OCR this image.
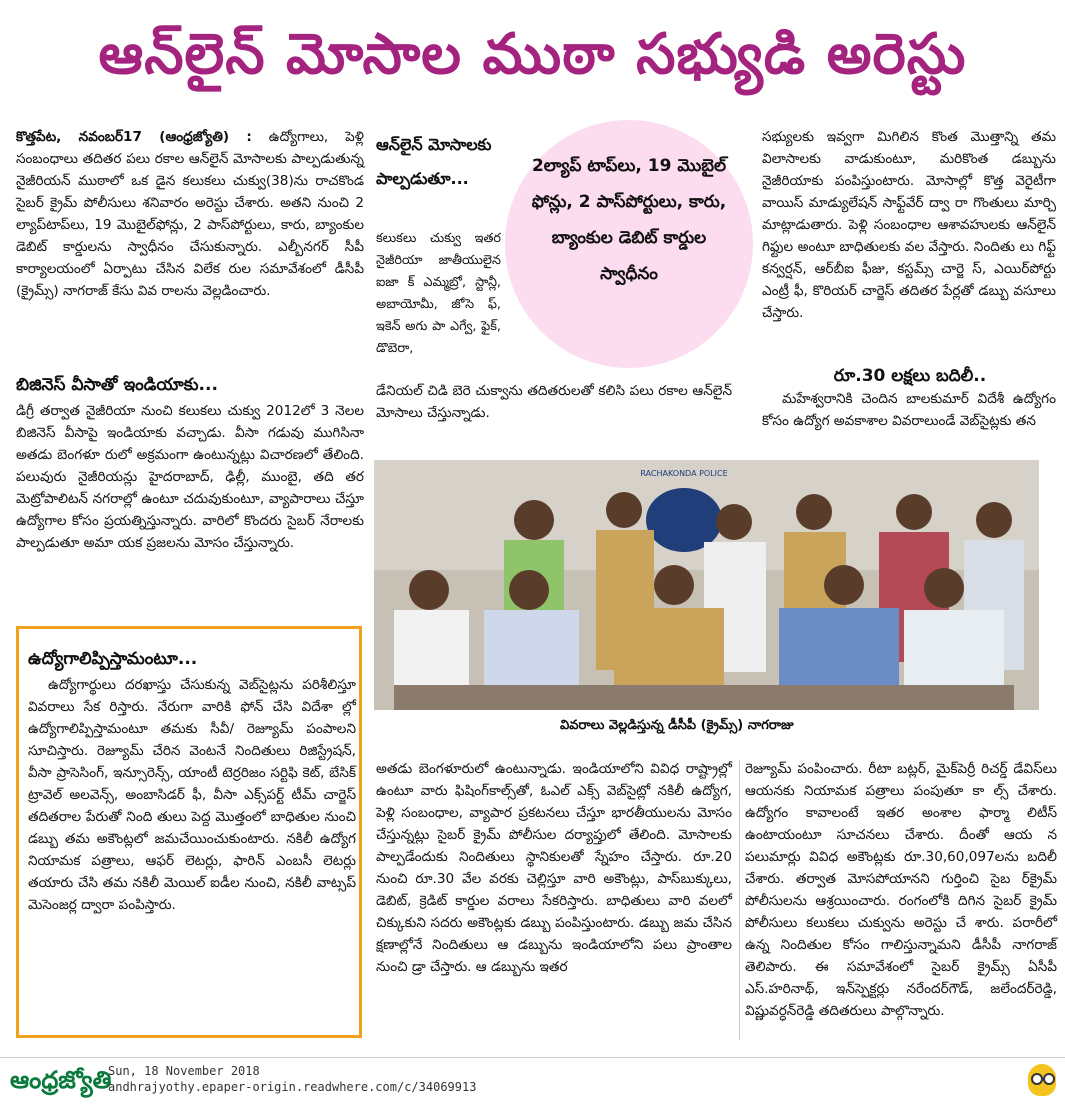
ఆన్‌లైన్ మోసాల ముఠా సభ్యుడి అరెస్టు
కొత్తపేట, నవంబర్17 (ఆంధ్రజ్యోతి) : ఉద్యోగాలు, పెళ్లి సంబంధాలు తదితర పలు రకాల ఆన్‌లైన్ మోసాలకు పాల్పడుతున్న నైజీరియన్ ముఠాలో ఒక డైన కలుకలు చుక్వు(38)ను రాచకొండ సైబర్ క్రైమ్ పోలీసులు శనివారం అరెస్టు చేశారు. అతని నుంచి 2 ల్యాప్‌టాప్‌లు, 19 మొబైల్‌ఫోన్లు, 2 పాస్‌పోర్టులు, కారు, బ్యాంకుల డెబిట్ కార్డులను స్వాధీనం చేసుకున్నారు. ఎల్బీనగర్ సీపీ కార్యాలయంలో ఏర్పాటు చేసిన విలేక రుల సమావేశంలో డీసీపీ (క్రైమ్స్) నాగరాజ్ కేసు వివ రాలను వెల్లడించారు.
బిజినెస్ వీసాతో ఇండియాకు...
డిగ్రీ తర్వాత నైజీరియా నుంచి కలుకలు చుక్వు 2012లో 3 నెలల బిజినెస్ వీసాపై ఇండియాకు వచ్చాడు. వీసా గడువు ముగిసినా అతడు బెంగళూ రులో అక్రమంగా ఉంటున్నట్లు విచారణలో తేలింది. పలువురు నైజీరియన్లు హైదరాబాద్, ఢిల్లీ, ముంబై, తది తర మెట్రోపాలిటన్ నగరాల్లో ఉంటూ చదువుకుంటూ, వ్యాపారాలు చేస్తూ ఉద్యోగాల కోసం ప్రయత్నిస్తున్నారు. వారిలో కొందరు సైబర్ నేరాలకు పాల్పడుతూ అమా యక ప్రజలను మోసం చేస్తున్నారు.
ఉద్యోగాలిప్పిస్తామంటూ...
ఉద్యోగార్థులు దరఖాస్తు చేసుకున్న వెబ్‌సైట్లను పరిశీలిస్తూ వివరాలు సేక రిస్తారు. నేరుగా వారికి ఫోన్ చేసి విదేశా ల్లో ఉద్యోగాలిప్పిస్తామంటూ తమకు సీవీ/ రెజ్యూమ్ పంపాలని సూచిస్తారు. రెజ్యూమ్ చేరిన వెంటనే నిందితులు రిజిస్ట్రేషన్, వీసా ప్రాసెసింగ్, ఇన్సూరెన్స్, యాంటీ టెర్రరిజం సర్టిఫి కెట్, బేసిక్ ట్రావెల్ అలవెన్స్, అంబాసిడర్ ఫీ, వీసా ఎక్స్‌పర్ట్ టీమ్ చార్జెస్ తదితరాల పేరుతో నింది తులు పెద్ద మొత్తంలో బాధితుల నుంచి డబ్బు తమ అకౌంట్లలో జమచేయించుకుంటారు. నకిలీ ఉద్యోగ నియామక పత్రాలు, ఆఫర్ లెటర్లు, ఫారిన్ ఎంబసీ లెటర్లు తయారు చేసి తమ నకిలీ మెయిల్ ఐడీల నుంచి, నకిలీ వాట్సప్ మెసెంజర్ల ద్వారా పంపిస్తారు.
ఆన్‌లైన్ మోసాలకు పాల్పడుతూ...
కలుకలు చుక్వు ఇతర నైజీరియా జాతీయులైన ఐజా క్ ఎమ్మబ్రో, స్టాన్లీ, అబాయోమీ, జోసె ఫ్, ఇకెన్ అగు పా ఎగ్వే, ఫైక్, డొబెరా,
డేనియల్ చిడి బెరె చుక్వాను తదితరులతో కలిసి పలు రకాల ఆన్‌లైన్ మోసాలు చేస్తున్నాడు.
2ల్యాప్ టాప్‌లు, 19 మొబైల్ ఫోన్లు, 2 పాస్‌పోర్టులు, కారు, బ్యాంకుల డెబిట్ కార్డుల స్వాధీనం
సభ్యులకు ఇవ్వగా మిగిలిన కొంత మొత్తాన్ని తమ విలాసాలకు వాడుకుంటూ, మరికొంత డబ్బును నైజీరియాకు పంపిస్తుంటారు. మోసాల్లో కొత్త వెరైటీగా వాయిస్ మాడ్యులేషన్ సాఫ్ట్‌వేర్ ద్వా రా గొంతులు మార్చి మాట్లాడుతారు. పెళ్లి సంబంధాల ఆశావహులకు ఆన్‌లైన్ గిఫ్టుల అంటూ బాధితులకు వల వేస్తారు. నిందితు లు గిఫ్ట్ కన్వర్షన్, ఆర్‌బీఐ ఫీజు, కస్టమ్స్ చార్జె స్, ఎయిర్‌పోర్టు ఎంట్రీ ఫీ, కొరియర్ చార్జెస్ తదితర పేర్లతో డబ్బు వసూలు చేస్తారు.
రూ.30 లక్షలు బదిలీ..
మహేశ్వరానికి చెందిన బాలకుమార్ విదేశీ ఉద్యోగం కోసం ఉద్యోగ అవకాశాల వివరాలుండే వెబ్‌సైట్లకు తన
RACHAKONDA POLICE
వివరాలు వెల్లడిస్తున్న డీసీపీ (క్రైమ్స్) నాగరాజు
అతడు బెంగళూరులో ఉంటున్నాడు. ఇండియాలోని వివిధ రాష్ట్రాల్లో ఉంటూ వారు ఫిషింగ్‌కాల్స్‌తో, ఓఎల్ ఎక్స్ వెబ్‌సైట్లో నకిలీ ఉద్యోగ, పెళ్లి సంబంధాల, వ్యాపార ప్రకటనలు చేస్తూ భారతీయులను మోసం చేస్తున్నట్లు సైబర్ క్రైమ్ పోలీసుల దర్యాప్తులో తేలింది. మోసాలకు పాల్పడేందుకు నిందితులు స్థానికులతో స్నేహం చేస్తారు. రూ.20 నుంచి రూ.30 వేల వరకు చెల్లిస్తూ వారి అకౌంట్లు, పాస్‌బుక్కులు, డెబిట్, క్రెడిట్ కార్డుల వరాలు సేకరిస్తారు. బాధితులు వారి వలలో చిక్కుకుని సదరు అకౌంట్లకు డబ్బు పంపిస్తుంటారు. డబ్బు జమ చేసిన క్షణాల్లోనే నిందితులు ఆ డబ్బును ఇండియాలోని పలు ప్రాంతాల నుంచి డ్రా చేస్తారు. ఆ డబ్బును ఇతర
రెజ్యూమ్ పంపించారు. రీటా బట్లర్, మైక్‌పెర్రీ రిచర్డ్ డేవిస్‌లు ఆయనకు నియామక పత్రాలు పంపుతూ కా ల్స్ చేశారు. ఉద్యోగం కావాలంటే ఇతర అంశాల ఫార్మా లిటీస్ ఉంటాయంటూ సూచనలు చేశారు. దీంతో ఆయ న పలుమార్లు వివిధ అకౌంట్లకు రూ.30,60,097లను బదిలీ చేశారు. తర్వాత మోసపోయానని గుర్తించి సైబ ర్‌క్రైమ్ పోలీసులను ఆశ్రయించారు. రంగంలోకి దిగిన సైబర్ క్రైమ్ పోలీసులు కలుకలు చుక్వును అరెస్టు చే శారు. పరారీలో ఉన్న నిందితుల కోసం గాలిస్తున్నామని డీసీపీ నాగరాజ్ తెలిపారు. ఈ సమావేశంలో సైబర్ క్రైమ్స్ ఏసీపీ ఎస్.హరినాథ్, ఇన్‌స్పెక్టర్లు నరేందర్‌గౌడ్, జలేందర్‌రెడ్డి, విష్ణువర్ధన్‌రెడ్డి తదితరులు పాల్గొన్నారు.
ఆంధ్రజ్యోతి
Sun, 18 November 2018
andhrajyothy.epaper-origin.readwhere.com/c/34069913
